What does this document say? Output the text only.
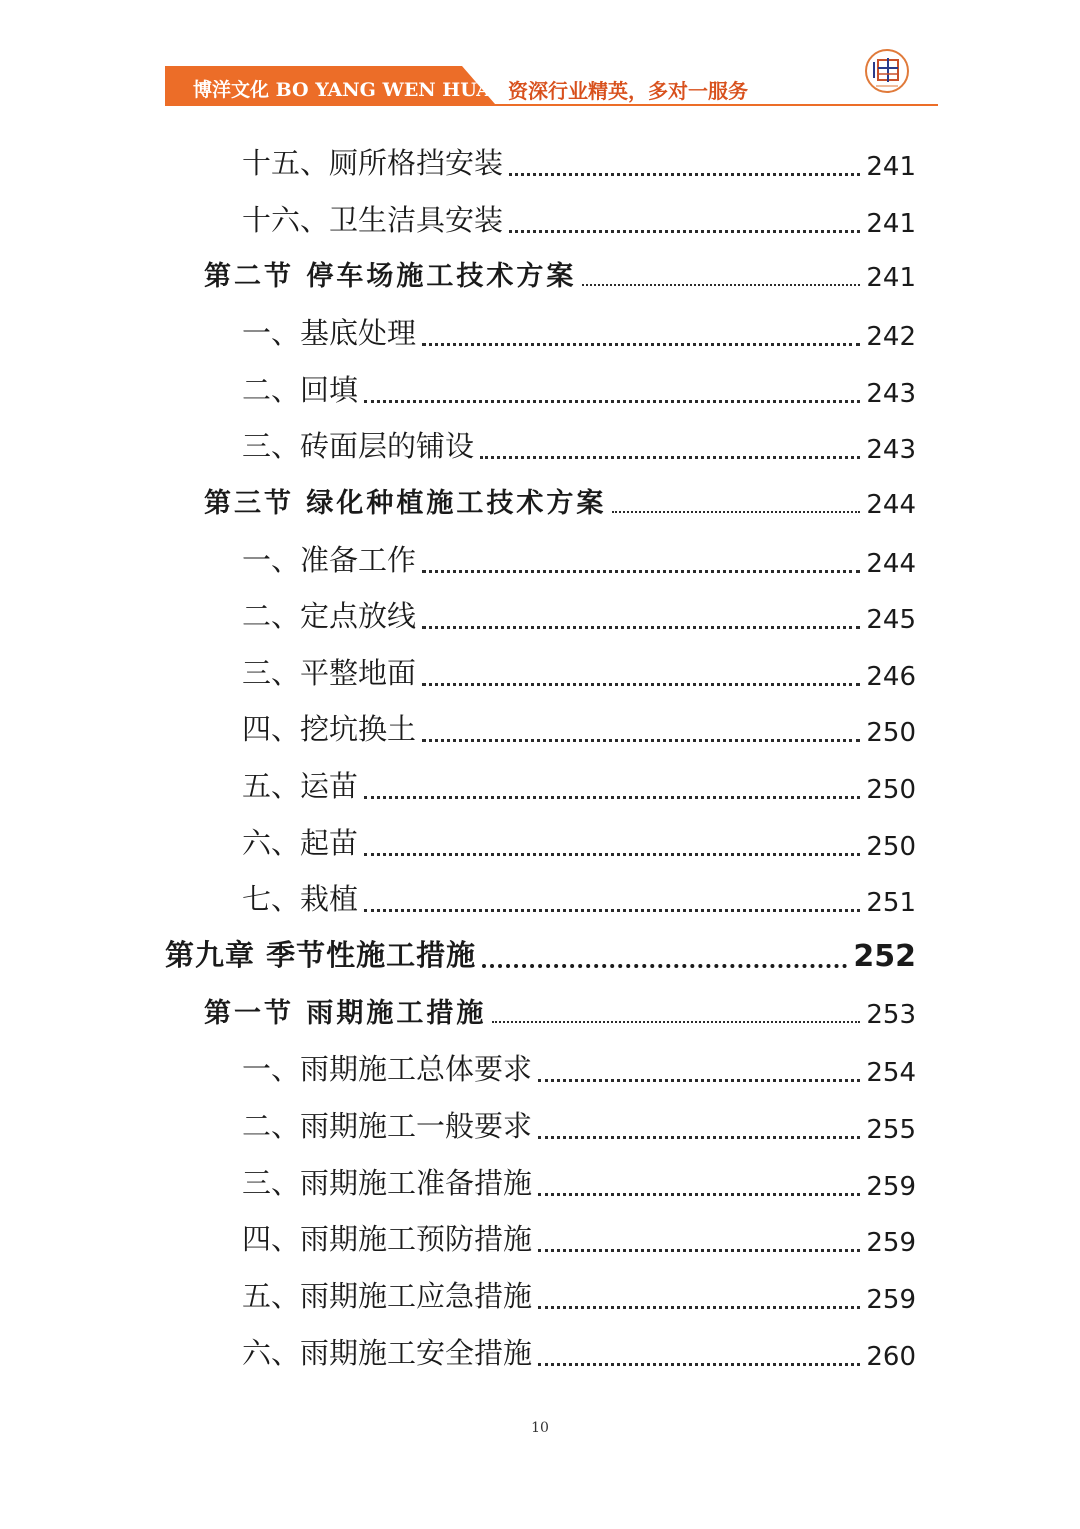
博洋文化 BO YANG WEN HUA 资深行业精英，多对一服务
十五、厕所格挡安装	241
十六、卫生洁具安装	241
第二节 停车场施工技术方案	241
一、基底处理	242
二、回填	243
三、砖面层的铺设	243
第三节 绿化种植施工技术方案	244
一、准备工作	244
二、定点放线	245
三、平整地面	246
四、挖坑换土	250
五、运苗	250
六、起苗	250
七、栽植	251
第九章 季节性施工措施	252
第一节 雨期施工措施	253
一、雨期施工总体要求	254
二、雨期施工一般要求	255
三、雨期施工准备措施	259
四、雨期施工预防措施	259
五、雨期施工应急措施	259
六、雨期施工安全措施	260
10
